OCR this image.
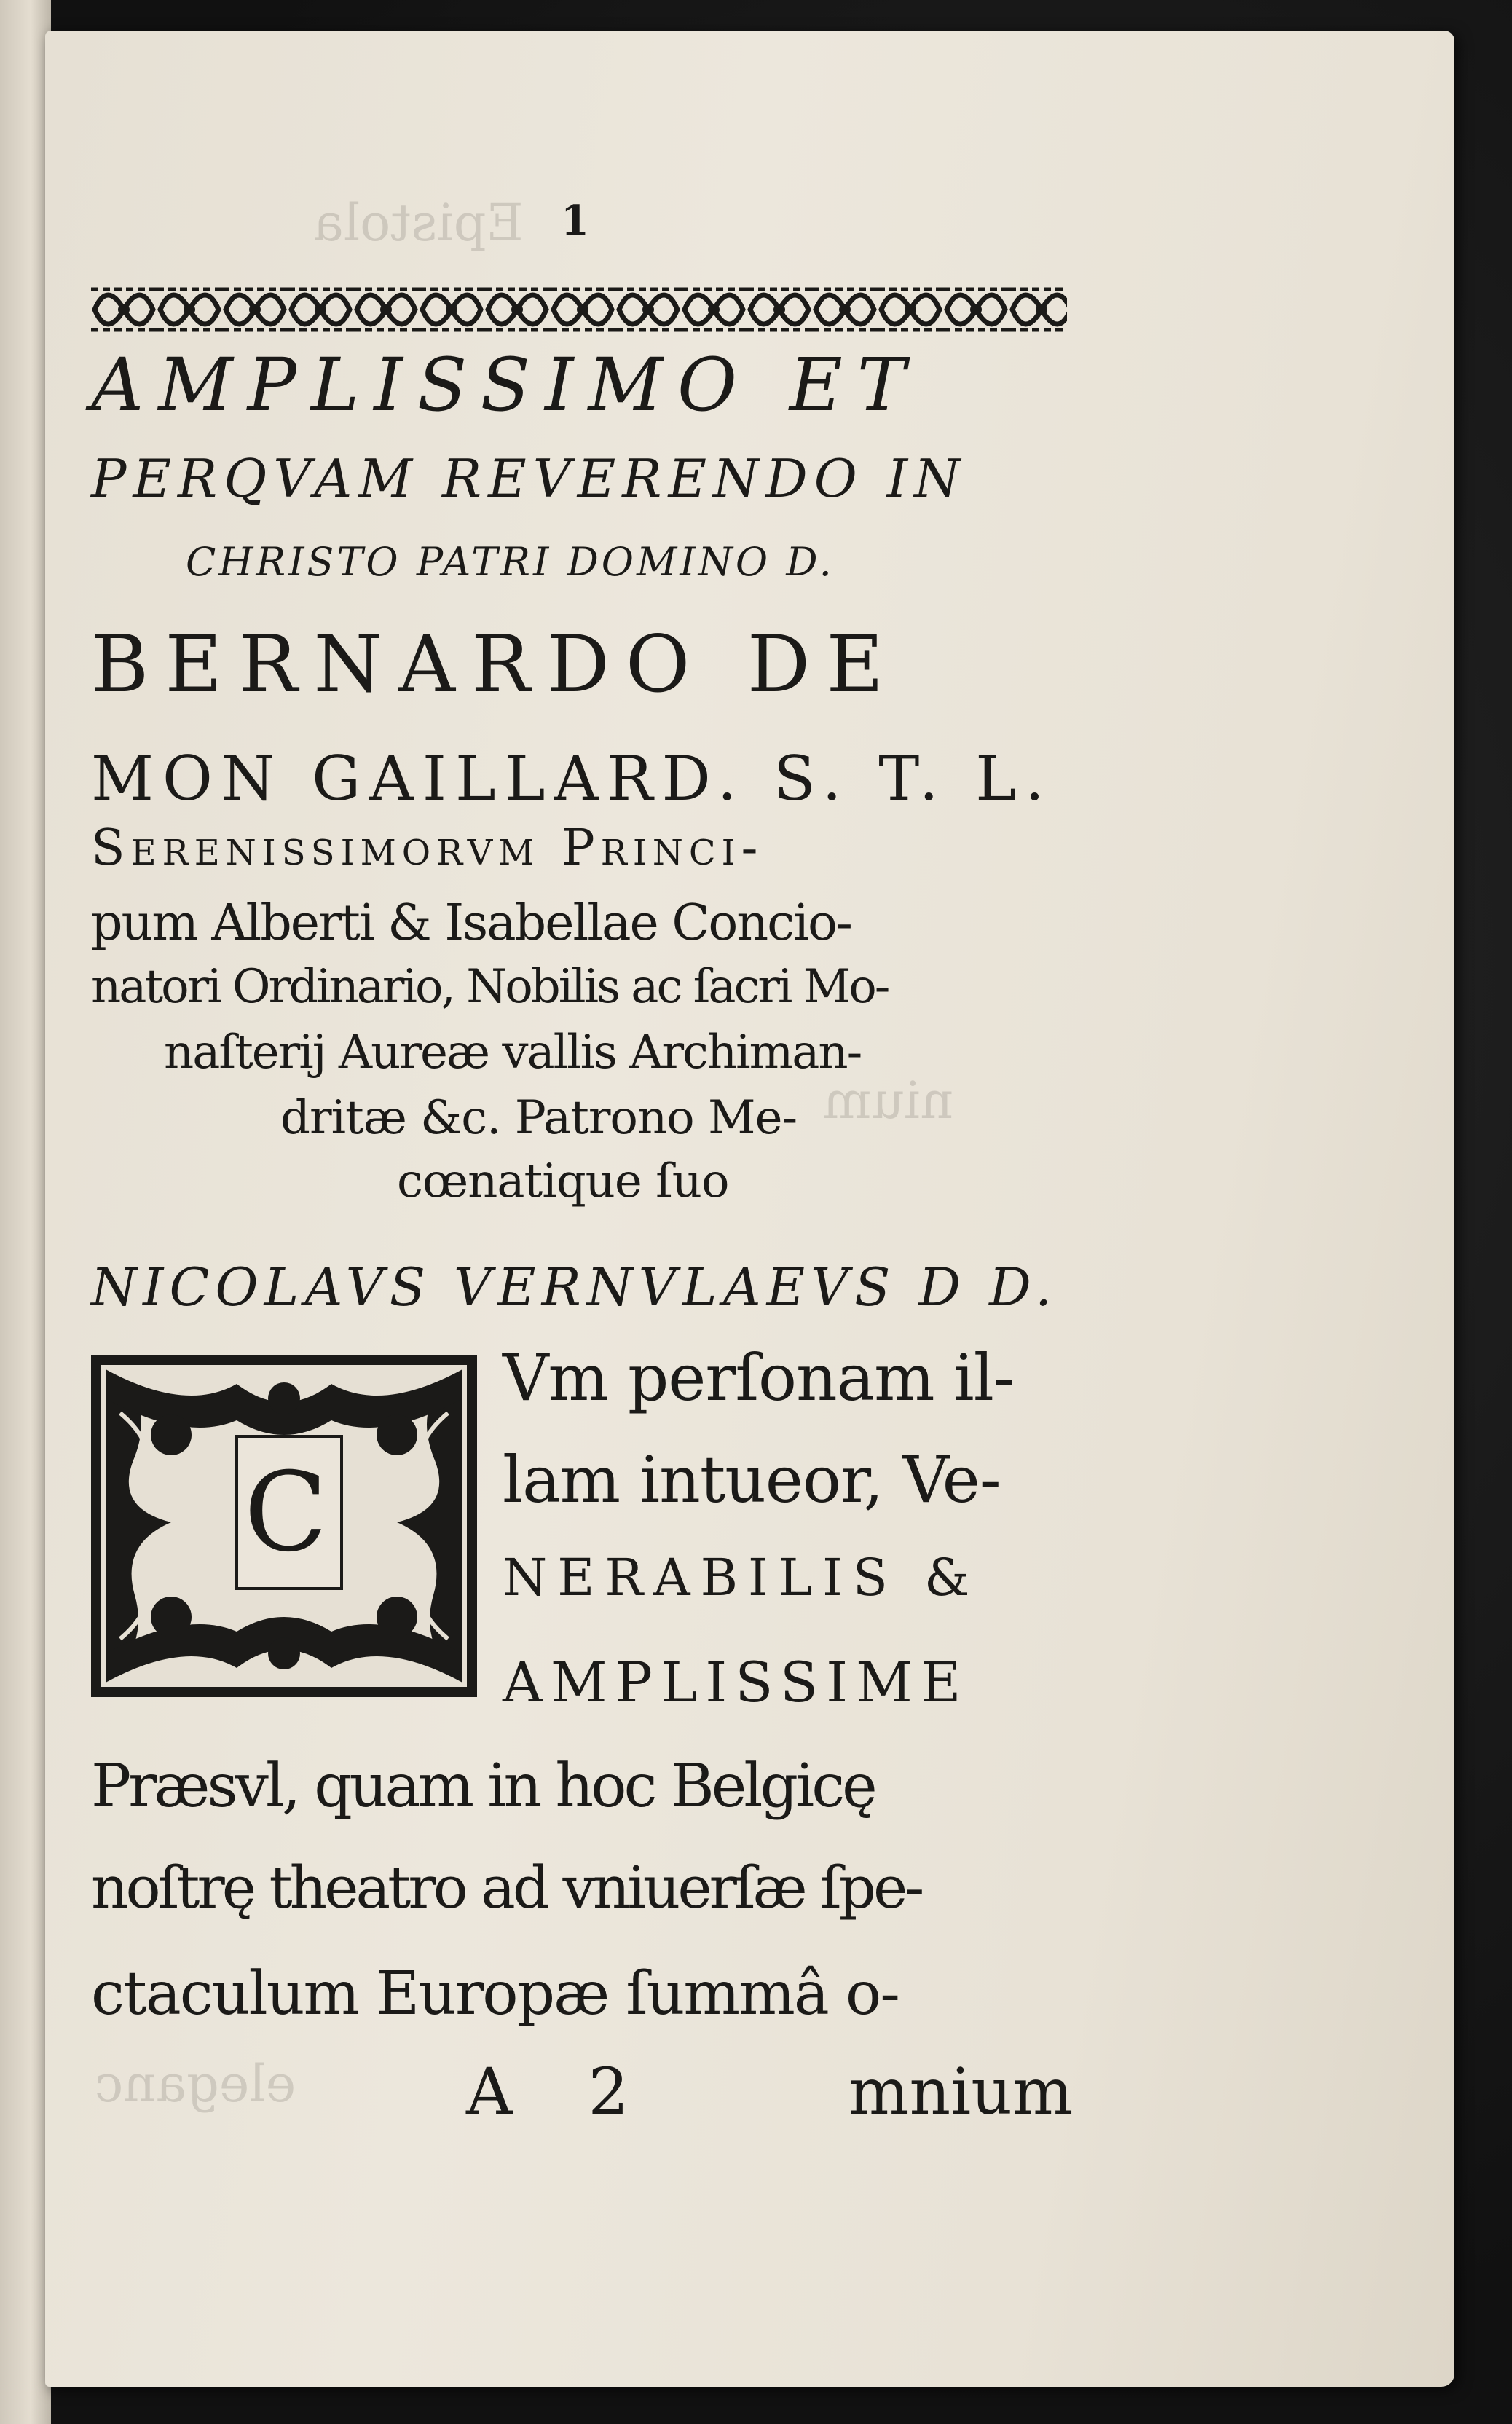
Epistola
nium
eleganc
1
AMPLISSIMO ET
PERQVAM REVERENDO IN
CHRISTO PATRI DOMINO D.
BERNARDO DE
MON GAILLARD. S. T. L.
Serenissimorvm Princi-
pum Alberti & Isabellae Concio-
natori Ordinario, Nobilis ac ſacri Mo-
naſterij Aureæ vallis Archiman-
dritæ &c. Patrono Me-
cœnatique ſuo
NICOLAVS VERNVLAEVS D D.
C
Vm perſonam il-
lam intueor, Ve-
NERABILIS &
AMPLISSIME
Præsvl, quam in hoc Belgicę
noſtrę theatro ad vniuerſæ ſpe-
ctaculum Europæ ſummâ o-
A 2	mnium
